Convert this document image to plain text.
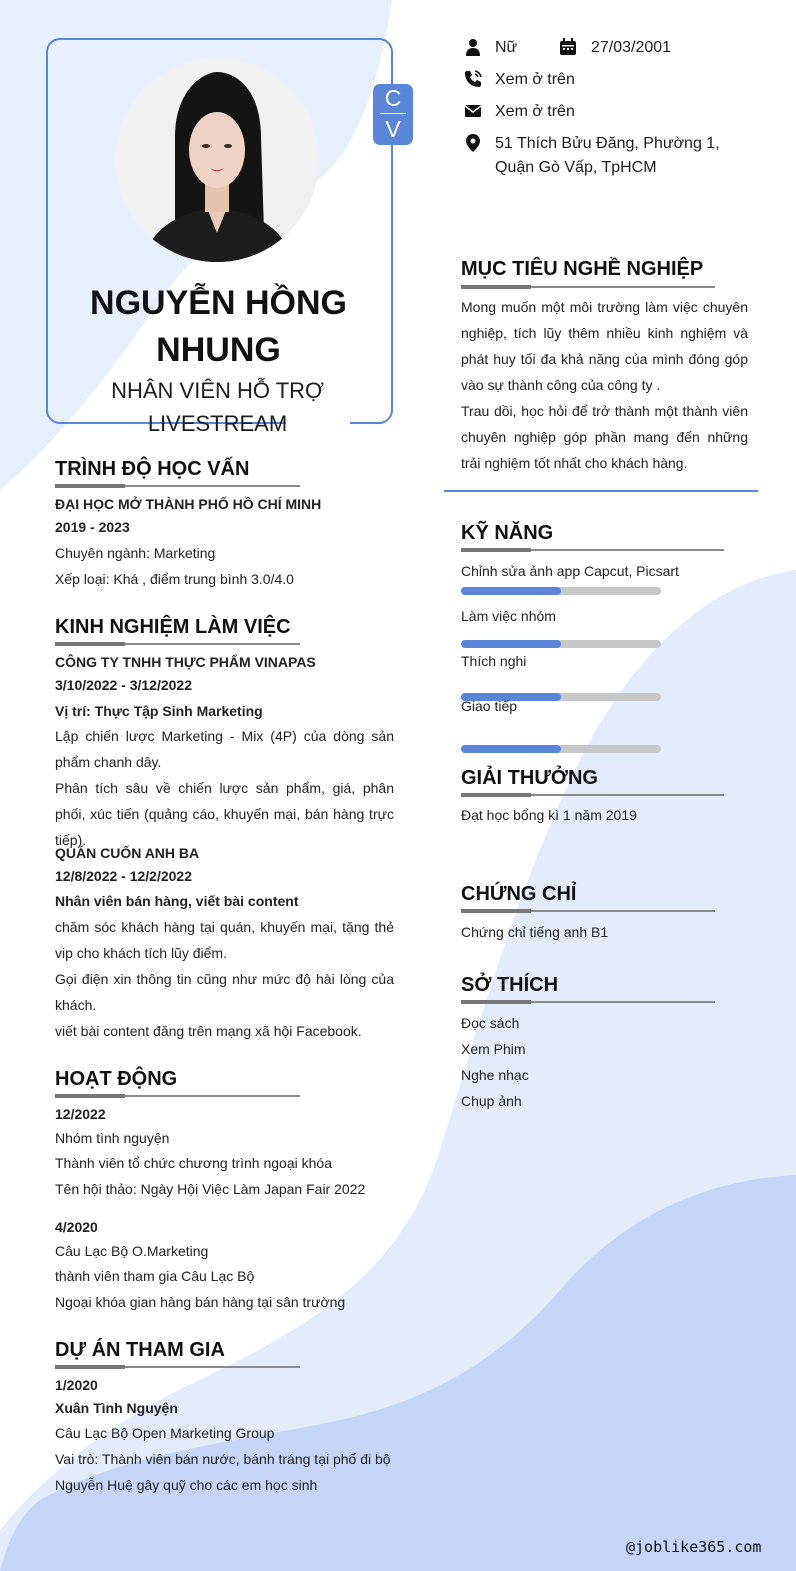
C
V
NGUYỄN HỒNG NHUNG
NHÂN VIÊN HỖ TRỢ LIVESTREAM
Nữ	27/03/2001
Xem ở trên
Xem ở trên
51 Thích Bửu Đăng, Phường 1,
Quận Gò Vấp, TpHCM
MỤC TIÊU NGHỀ NGHIỆP
Mong muốn một môi trường làm việc chuyên nghiệp, tích lũy thêm nhiều kinh nghiệm và phát huy tối đa khả năng của mình đóng góp vào sự thành công của công ty .
Trau dồi, học hỏi để trở thành một thành viên chuyên nghiệp góp phần mang đến những trải nghiệm tốt nhất cho khách hàng.
KỸ NĂNG
Chỉnh sửa ảnh app Capcut, Picsart
Làm việc nhóm
Thích nghi
Giao tiếp
GIẢI THƯỞNG
Đạt học bổng kì 1 năm 2019
CHỨNG CHỈ
Chứng chỉ tiếng anh B1
SỞ THÍCH
Đọc sách
Xem Phim
Nghe nhạc
Chụp ảnh
TRÌNH ĐỘ HỌC VẤN
ĐẠI HỌC MỞ THÀNH PHỐ HỒ CHÍ MINH
2019 - 2023
Chuyên ngành: Marketing
Xếp loại: Khá , điểm trung bình 3.0/4.0
KINH NGHIỆM LÀM VIỆC
CÔNG TY TNHH THỰC PHẨM VINAPAS
3/10/2022 - 3/12/2022
Vị trí: Thực Tập Sinh Marketing
Lập chiến lược Marketing - Mix (4P) của dòng sản phẩm chanh dây.
Phân tích sâu về chiến lược sản phẩm, giá, phân phối, xúc tiến (quảng cáo, khuyến mại, bán hàng trực tiếp).
QUÁN CUỐN ANH BA
12/8/2022 - 12/2/2022
Nhân viên bán hàng, viết bài content
chăm sóc khách hàng tại quán, khuyến mại, tặng thẻ vip cho khách tích lũy điểm.
Gọi điện xin thông tin cũng như mức độ hài lòng của khách.
viết bài content đăng trên mạng xã hội Facebook.
HOẠT ĐỘNG
12/2022
Nhóm tình nguyện
Thành viên tổ chức chương trình ngoại khóa
Tên hội thảo: Ngày Hội Việc Làm Japan Fair 2022
4/2020
Câu Lạc Bộ O.Marketing
thành viên tham gia Câu Lạc Bộ
Ngoại khóa gian hàng bán hàng tại sân trường
DỰ ÁN THAM GIA
1/2020
Xuân Tình Nguyện
Câu Lạc Bộ Open Marketing Group
Vai trò: Thành viên bán nước, bánh tráng tại phố đi bộ
Nguyễn Huệ gây quỹ cho các em học sinh
@joblike365.com
